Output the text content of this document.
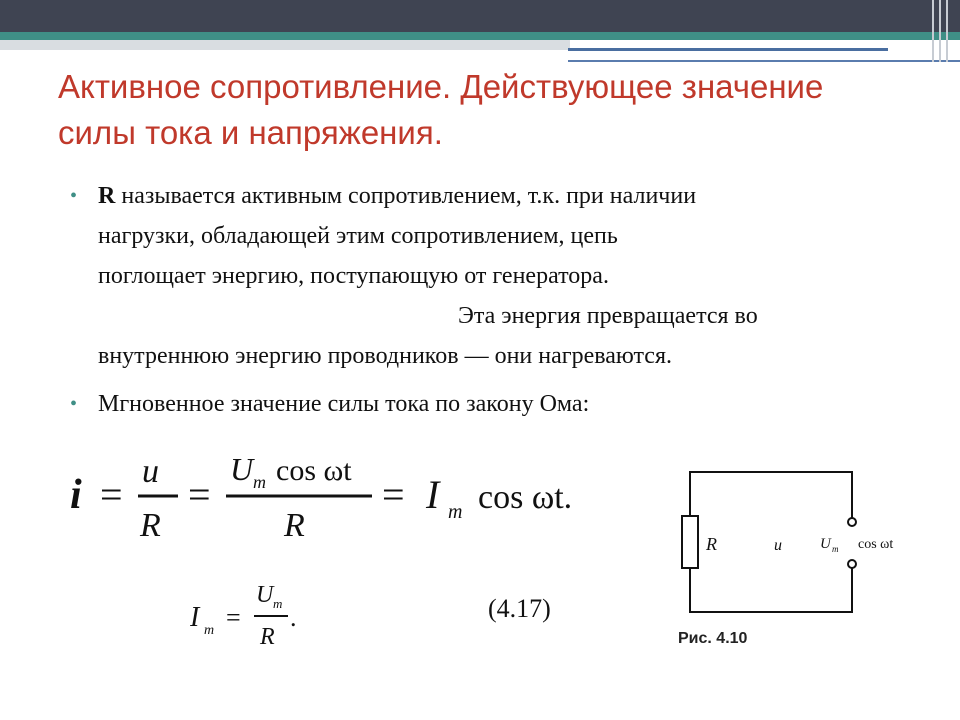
Активное сопротивление. Действующее значение
силы тока и напряжения.
• R называется активным сопротивлением, т.к. при наличии
нагрузки, обладающей этим сопротивлением, цепь
поглощает энергию, поступающую от генератора.
Эта энергия превращается во
внутреннюю энергию проводников — они нагреваются.
• Мгновенное значение силы тока по закону Ома:
i =
u
R
=
U m cos ωt
R
= I m cos ωt.
I m =
U m
R
.	(4.17)
R	u	U m cos ωt
Рис. 4.10
